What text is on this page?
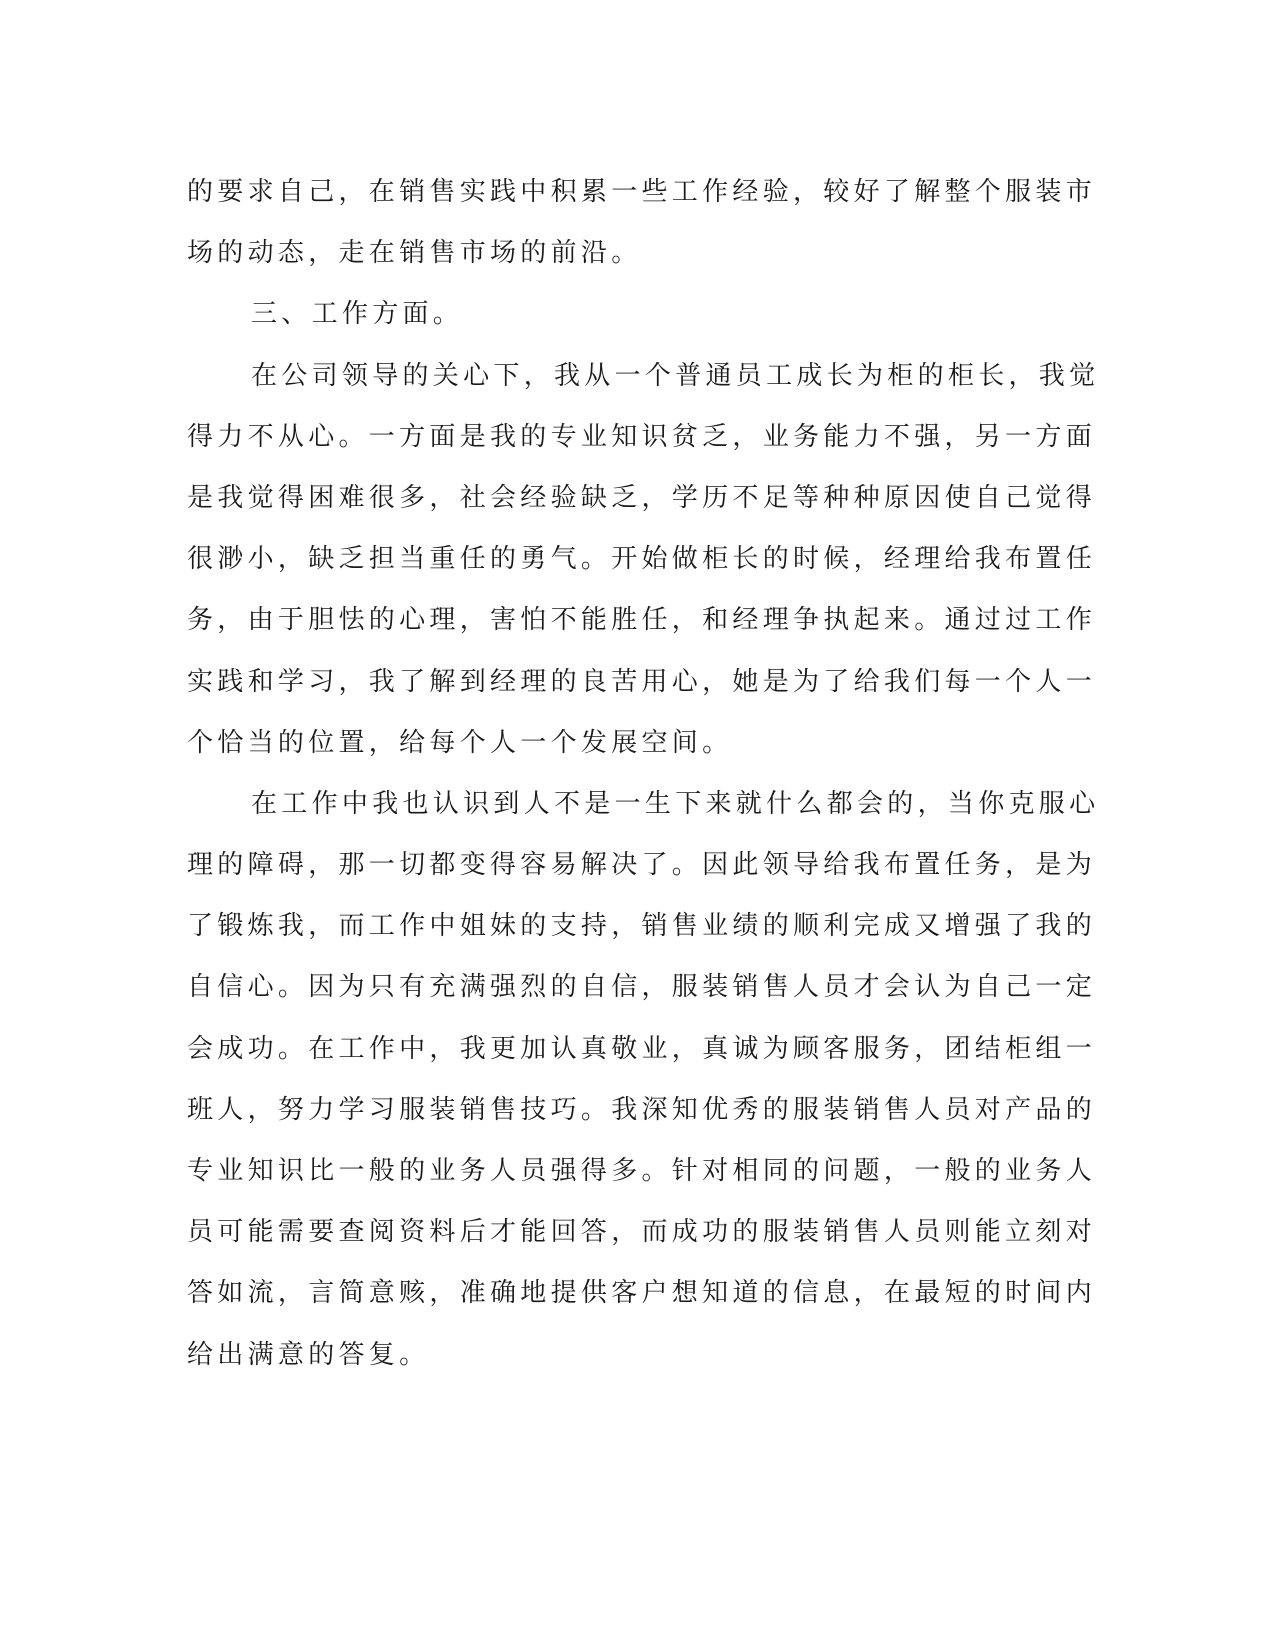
的要求自己，在销售实践中积累一些工作经验，较好了解整个服装市
场的动态，走在销售市场的前沿。
三、工作方面。
在公司领导的关心下，我从一个普通员工成长为柜的柜长，我觉
得力不从心。一方面是我的专业知识贫乏，业务能力不强，另一方面
是我觉得困难很多，社会经验缺乏，学历不足等种种原因使自己觉得
很渺小，缺乏担当重任的勇气。开始做柜长的时候，经理给我布置任
务，由于胆怯的心理，害怕不能胜任，和经理争执起来。通过过工作
实践和学习，我了解到经理的良苦用心，她是为了给我们每一个人一
个恰当的位置，给每个人一个发展空间。
在工作中我也认识到人不是一生下来就什么都会的，当你克服心
理的障碍，那一切都变得容易解决了。因此领导给我布置任务，是为
了锻炼我，而工作中姐妹的支持，销售业绩的顺利完成又增强了我的
自信心。因为只有充满强烈的自信，服装销售人员才会认为自己一定
会成功。在工作中，我更加认真敬业，真诚为顾客服务，团结柜组一
班人，努力学习服装销售技巧。我深知优秀的服装销售人员对产品的
专业知识比一般的业务人员强得多。针对相同的问题，一般的业务人
员可能需要查阅资料后才能回答，而成功的服装销售人员则能立刻对
答如流，言简意赅，准确地提供客户想知道的信息，在最短的时间内
给出满意的答复。
